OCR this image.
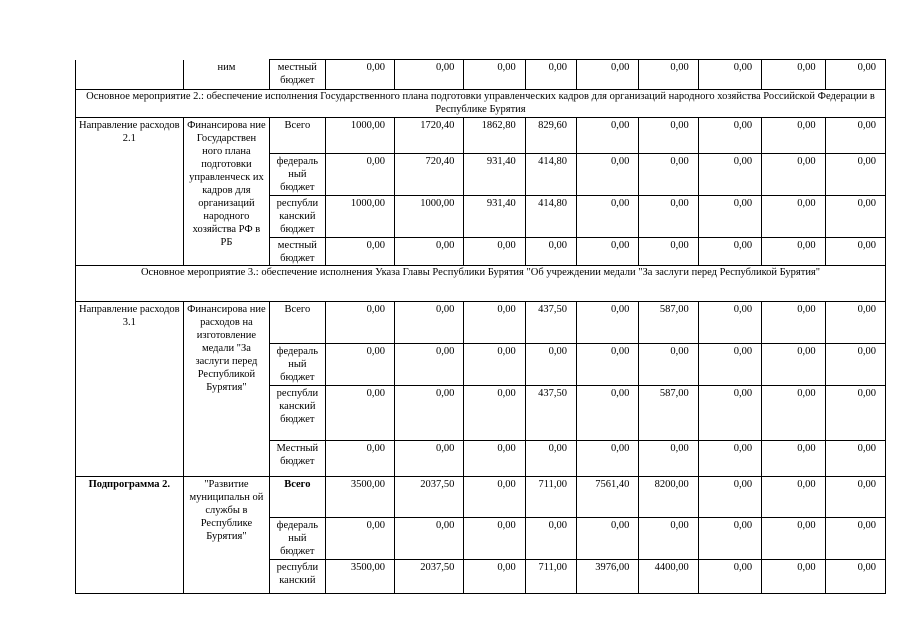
	ним	местный бюджет	0,00	0,00	0,00	0,00	0,00	0,00	0,00	0,00	0,00
Основное мероприятие 2.: обеспечение исполнения Государственного плана подготовки управленческих кадров для организаций народного хозяйства Российской Федерации в Республике Бурятия											
Направление расходов 2.1	Финансирова ние Государствен ного плана подготовки управленческ их кадров для организаций народного хозяйства РФ в РБ	Всего	1000,00	1720,40	1862,80	829,60	0,00	0,00	0,00	0,00	0,00
		федераль ный бюджет	0,00	720,40	931,40	414,80	0,00	0,00	0,00	0,00	0,00
		республи канский бюджет	1000,00	1000,00	931,40	414,80	0,00	0,00	0,00	0,00	0,00
		местный бюджет	0,00	0,00	0,00	0,00	0,00	0,00	0,00	0,00	0,00
Основное мероприятие 3.: обеспечение исполнения Указа Главы Республики Бурятия "Об учреждении медали "За заслуги перед Республикой Бурятия"											
Направление расходов 3.1	Финансирова ние расходов на изготовление медали "За заслуги перед Республикой Бурятия"	Всего	0,00	0,00	0,00	437,50	0,00	587,00	0,00	0,00	0,00
		федераль ный бюджет	0,00	0,00	0,00	0,00	0,00	0,00	0,00	0,00	0,00
		республи канский бюджет	0,00	0,00	0,00	437,50	0,00	587,00	0,00	0,00	0,00
		Местный бюджет	0,00	0,00	0,00	0,00	0,00	0,00	0,00	0,00	0,00
Подпрограмма 2.	"Развитие муниципальн ой службы в Республике Бурятия"	Всего	3500,00	2037,50	0,00	711,00	7561,40	8200,00	0,00	0,00	0,00
		федераль ный бюджет	0,00	0,00	0,00	0,00	0,00	0,00	0,00	0,00	0,00
		республи канский	3500,00	2037,50	0,00	711,00	3976,00	4400,00	0,00	0,00	0,00
